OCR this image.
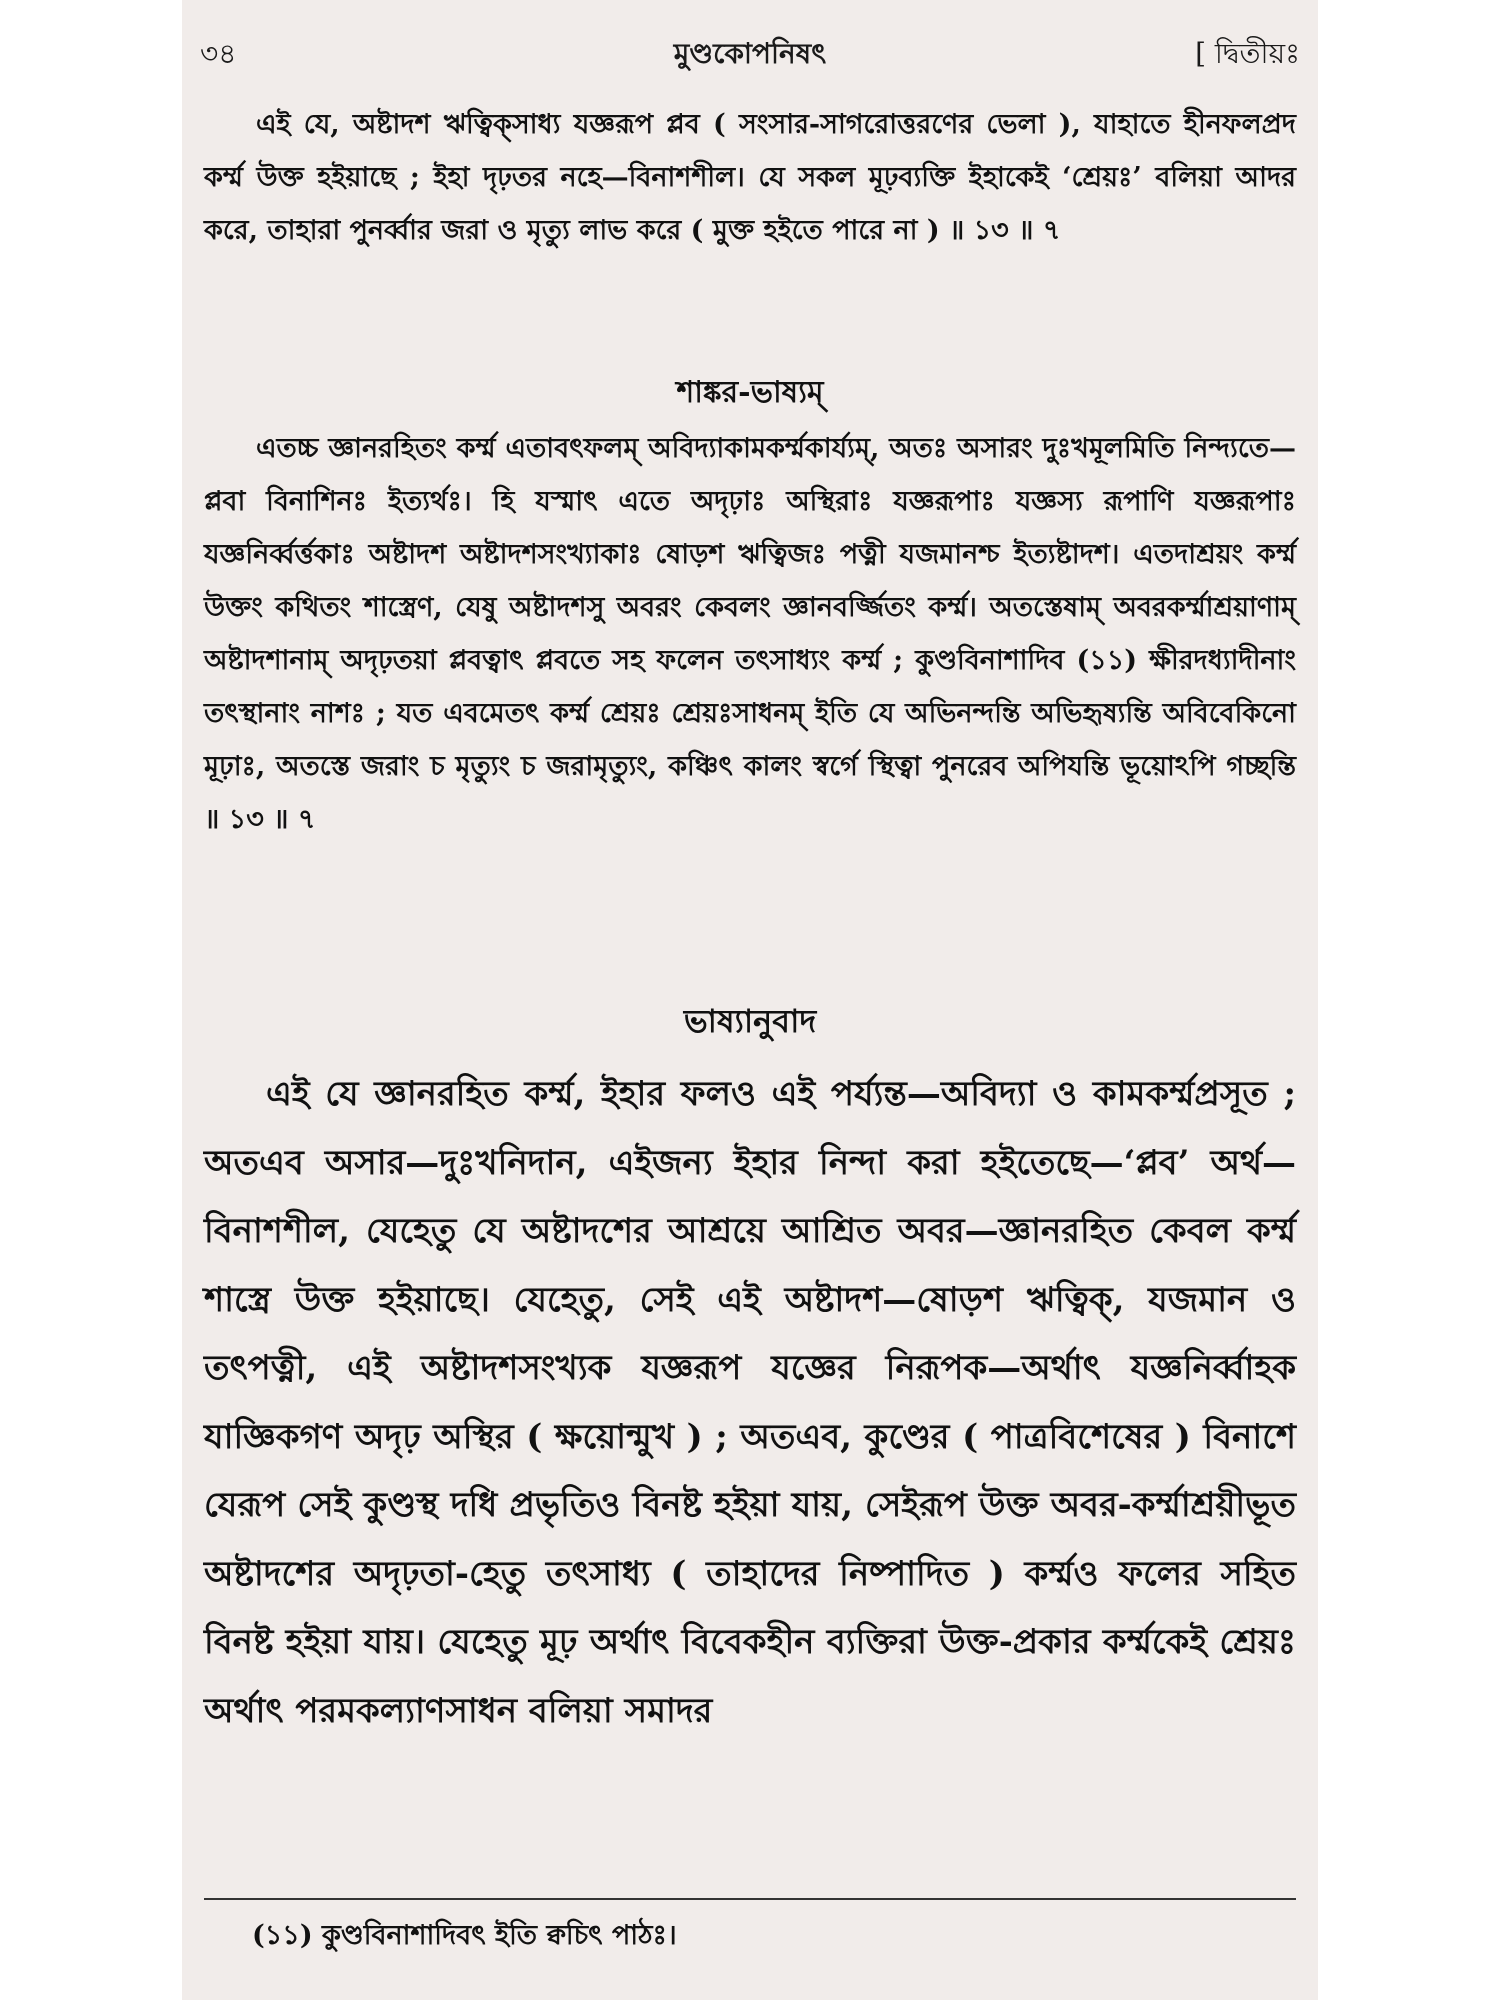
৩৪	মুণ্ডকোপনিষৎ	[ দ্বিতীয়ঃ

এই যে, অষ্টাদশ ঋত্বিক্‌সাধ্য যজ্ঞরূপ প্লব ( সংসার-সাগরোত্তরণের ভেলা ), যাহাতে হীনফলপ্রদ কর্ম্ম উক্ত হইয়াছে ; ইহা দৃঢ়তর নহে—বিনাশশীল। যে সকল মূঢ়ব্যক্তি ইহাকেই ‘শ্রেয়ঃ’ বলিয়া আদর করে, তাহারা পুনর্ব্বার জরা ও মৃত্যু লাভ করে ( মুক্ত হইতে পারে না ) ॥ ১৩ ॥ ৭

শাঙ্কর-ভাষ্যম্

এতচ্চ জ্ঞানরহিতং কর্ম্ম এতাবৎফলম্ অবিদ্যাকামকর্ম্মকার্য্যম্, অতঃ অসারং দুঃখমূলমিতি নিন্দ্যতে—প্লবা বিনাশিনঃ ইত্যর্থঃ। হি যস্মাৎ এতে অদৃঢ়াঃ অস্থিরাঃ যজ্ঞরূপাঃ যজ্ঞস্য রূপাণি যজ্ঞরূপাঃ যজ্ঞনির্ব্বর্ত্তকাঃ অষ্টাদশ অষ্টাদশসংখ্যাকাঃ ষোড়শ ঋত্বিজঃ পত্নী যজমানশ্চ ইত্যষ্টাদশ। এতদাশ্রয়ং কর্ম্ম উক্তং কথিতং শাস্ত্রেণ, যেষু অষ্টাদশসু অবরং কেবলং জ্ঞানবর্জ্জিতং কর্ম্ম। অতস্তেষাম্ অবরকর্ম্মাশ্রয়াণাম্ অষ্টাদশানাম্ অদৃঢ়তয়া প্লবত্বাৎ প্লবতে সহ ফলেন তৎসাধ্যং কর্ম্ম ; কুণ্ডবিনাশাদিব (১১) ক্ষীরদধ্যাদীনাং তৎস্থানাং নাশঃ ; যত এবমেতৎ কর্ম্ম শ্রেয়ঃ শ্রেয়ঃসাধনম্ ইতি যে অভিনন্দন্তি অভিহৃষ্যন্তি অবিবেকিনো মূঢ়াঃ, অতস্তে জরাং চ মৃত্যুং চ জরামৃত্যুং, কঞ্চিৎ কালং স্বর্গে স্থিত্বা পুনরেব অপিযন্তি ভূয়োঽপি গচ্ছন্তি ॥ ১৩ ॥ ৭

ভাষ্যানুবাদ

এই যে জ্ঞানরহিত কর্ম্ম, ইহার ফলও এই পর্য্যন্ত—অবিদ্যা ও কামকর্ম্মপ্রসূত ; অতএব অসার—দুঃখনিদান, এইজন্য ইহার নিন্দা করা হইতেছে—‘প্লব’ অর্থ—বিনাশশীল, যেহেতু যে অষ্টাদশের আশ্রয়ে আশ্রিত অবর—জ্ঞানরহিত কেবল কর্ম্ম শাস্ত্রে উক্ত হইয়াছে। যেহেতু, সেই এই অষ্টাদশ—ষোড়শ ঋত্বিক্, যজমান ও তৎপত্নী, এই অষ্টাদশসংখ্যক যজ্ঞরূপ যজ্ঞের নিরূপক—অর্থাৎ যজ্ঞনির্ব্বাহক যাজ্ঞিকগণ অদৃঢ় অস্থির ( ক্ষয়োন্মুখ ) ; অতএব, কুণ্ডের ( পাত্রবিশেষের ) বিনাশে যেরূপ সেই কুণ্ডস্থ দধি প্রভৃতিও বিনষ্ট হইয়া যায়, সেইরূপ উক্ত অবর-কর্ম্মাশ্রয়ীভূত অষ্টাদশের অদৃঢ়তা-হেতু তৎসাধ্য ( তাহাদের নিষ্পাদিত ) কর্ম্মও ফলের সহিত বিনষ্ট হইয়া যায়। যেহেতু মূঢ় অর্থাৎ বিবেকহীন ব্যক্তিরা উক্ত-প্রকার কর্ম্মকেই শ্রেয়ঃ অর্থাৎ পরমকল্যাণসাধন বলিয়া সমাদর

(১১) কুণ্ডবিনাশাদিবৎ ইতি ক্বচিৎ পাঠঃ।
